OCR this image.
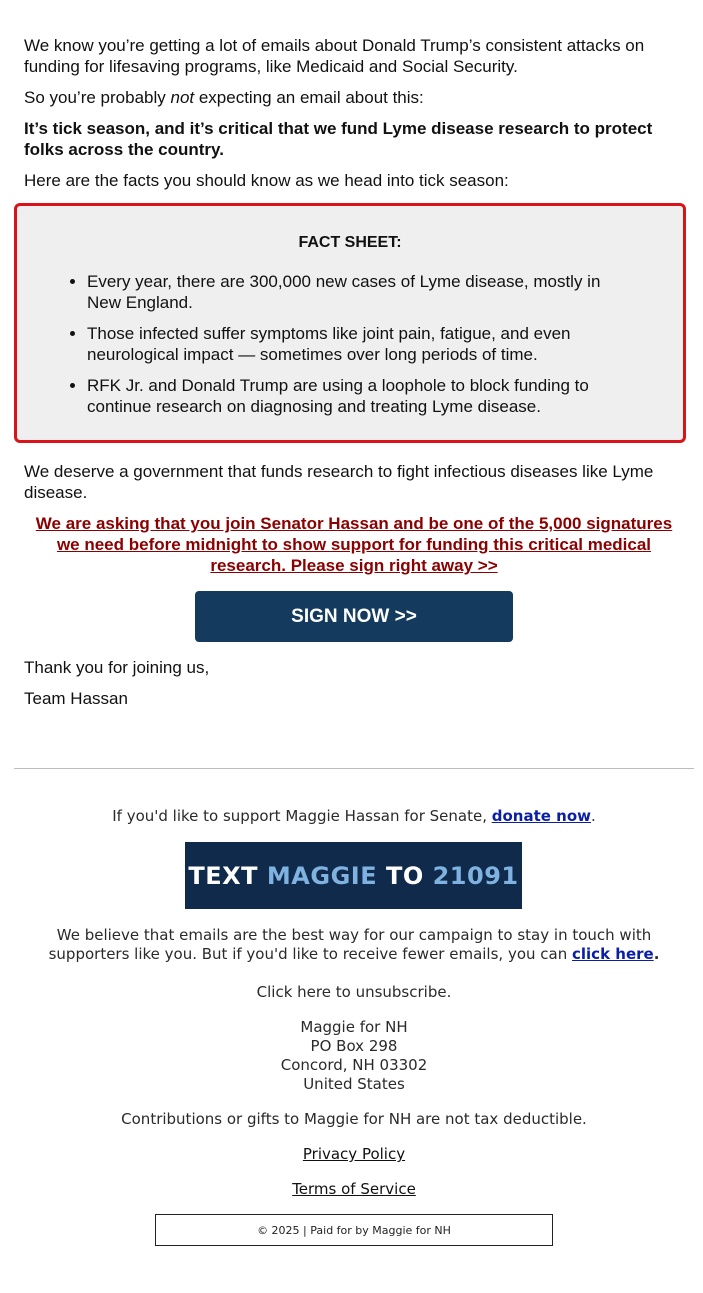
We know you’re getting a lot of emails about Donald Trump’s consistent attacks on funding for lifesaving programs, like Medicaid and Social Security.

So you’re probably not expecting an email about this:

It’s tick season, and it’s critical that we fund Lyme disease research to protect folks across the country.

Here are the facts you should know as we head into tick season:

FACT SHEET:
• Every year, there are 300,000 new cases of Lyme disease, mostly in New England.
• Those infected suffer symptoms like joint pain, fatigue, and even neurological impact — sometimes over long periods of time.
• RFK Jr. and Donald Trump are using a loophole to block funding to continue research on diagnosing and treating Lyme disease.
We deserve a government that funds research to fight infectious diseases like Lyme disease.
We are asking that you join Senator Hassan and be one of the 5,000 signatures we need before midnight to show support for funding this critical medical research. Please sign right away >>
SIGN NOW >>

Thank you for joining us,

Team Hassan

If you'd like to support Maggie Hassan for Senate, donate now.
TEXT
MAGGIE
TO
21091
We believe that emails are the best way for our campaign to stay in touch with supporters like you. But if you'd like to receive fewer emails, you can click here.
Click here to unsubscribe.
Maggie for NH
PO Box 298
Concord, NH 03302
United States
Contributions or gifts to Maggie for NH are not tax deductible.
Privacy Policy
Terms of Service
© 2025 | Paid for by Maggie for NH
